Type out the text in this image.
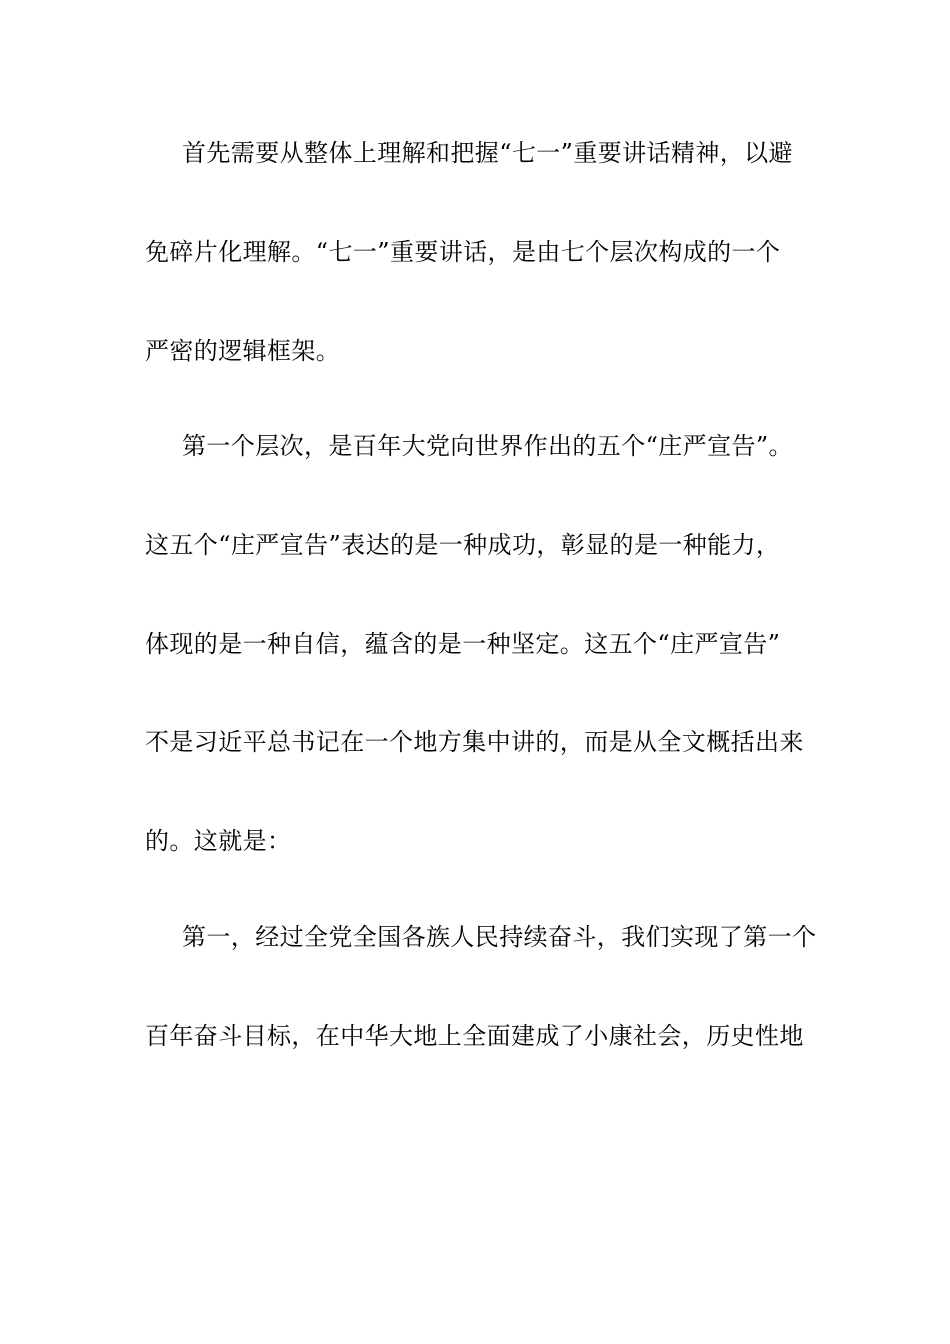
首先需要从整体上理解和把握“七一”重要讲话精神，以避
免碎片化理解。“七一”重要讲话，是由七个层次构成的一个
严密的逻辑框架。
第一个层次，是百年大党向世界作出的五个“庄严宣告”。
这五个“庄严宣告”表达的是一种成功，彰显的是一种能力，
体现的是一种自信，蕴含的是一种坚定。这五个“庄严宣告”
不是习近平总书记在一个地方集中讲的，而是从全文概括出来
的。这就是：
第一，经过全党全国各族人民持续奋斗，我们实现了第一个
百年奋斗目标，在中华大地上全面建成了小康社会，历史性地
